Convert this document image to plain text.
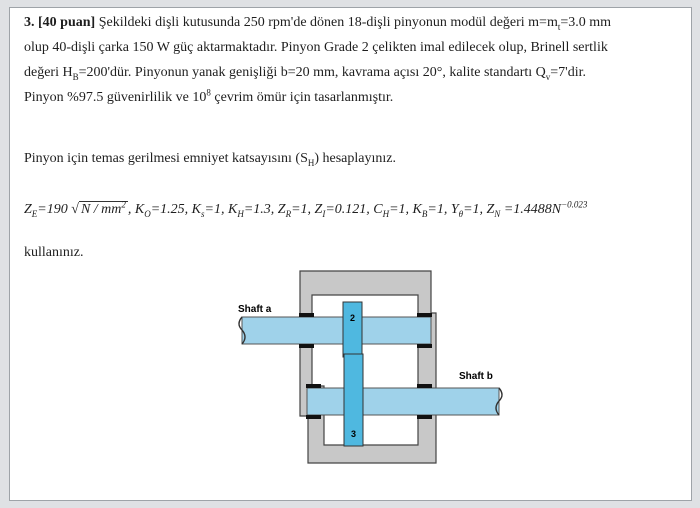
3. [40 puan] Şekildeki dişli kutusunda 250 rpm'de dönen 18-dişli pinyonun modül değeri $m=m_t=3.0$ mm
olup 40-dişli çarka 150 W güç aktarmaktadır. Pinyon Grade 2 çelikten imal edilecek olup, Brinell sertlik
değeri $H_B=200'dür$. Pinyonun yanak genişliği b=20 mm, kavrama açısı 20°, kalite standartı $Q_v=7'dir$.
Pinyon %97.5 güvenirlilik ve $10^8$ çevrim ömür için tasarlanmıştır.
Pinyon için temas gerilmesi emniyet katsayısını $(S_H)$ hesaplayınız.
$Z_E=190$ √ N / $mm^2$ , $K_O=1.25$, $K_s=1$, $K_H=1.3$, $Z_R=1$, $Z_I=0.121$, $C_H=1$, $K_B=1$, $Y_\theta=1$, $Z_N =1.4488N^{-0.023}$
kullanınız.
Shaft a
Shaft b
2
3
